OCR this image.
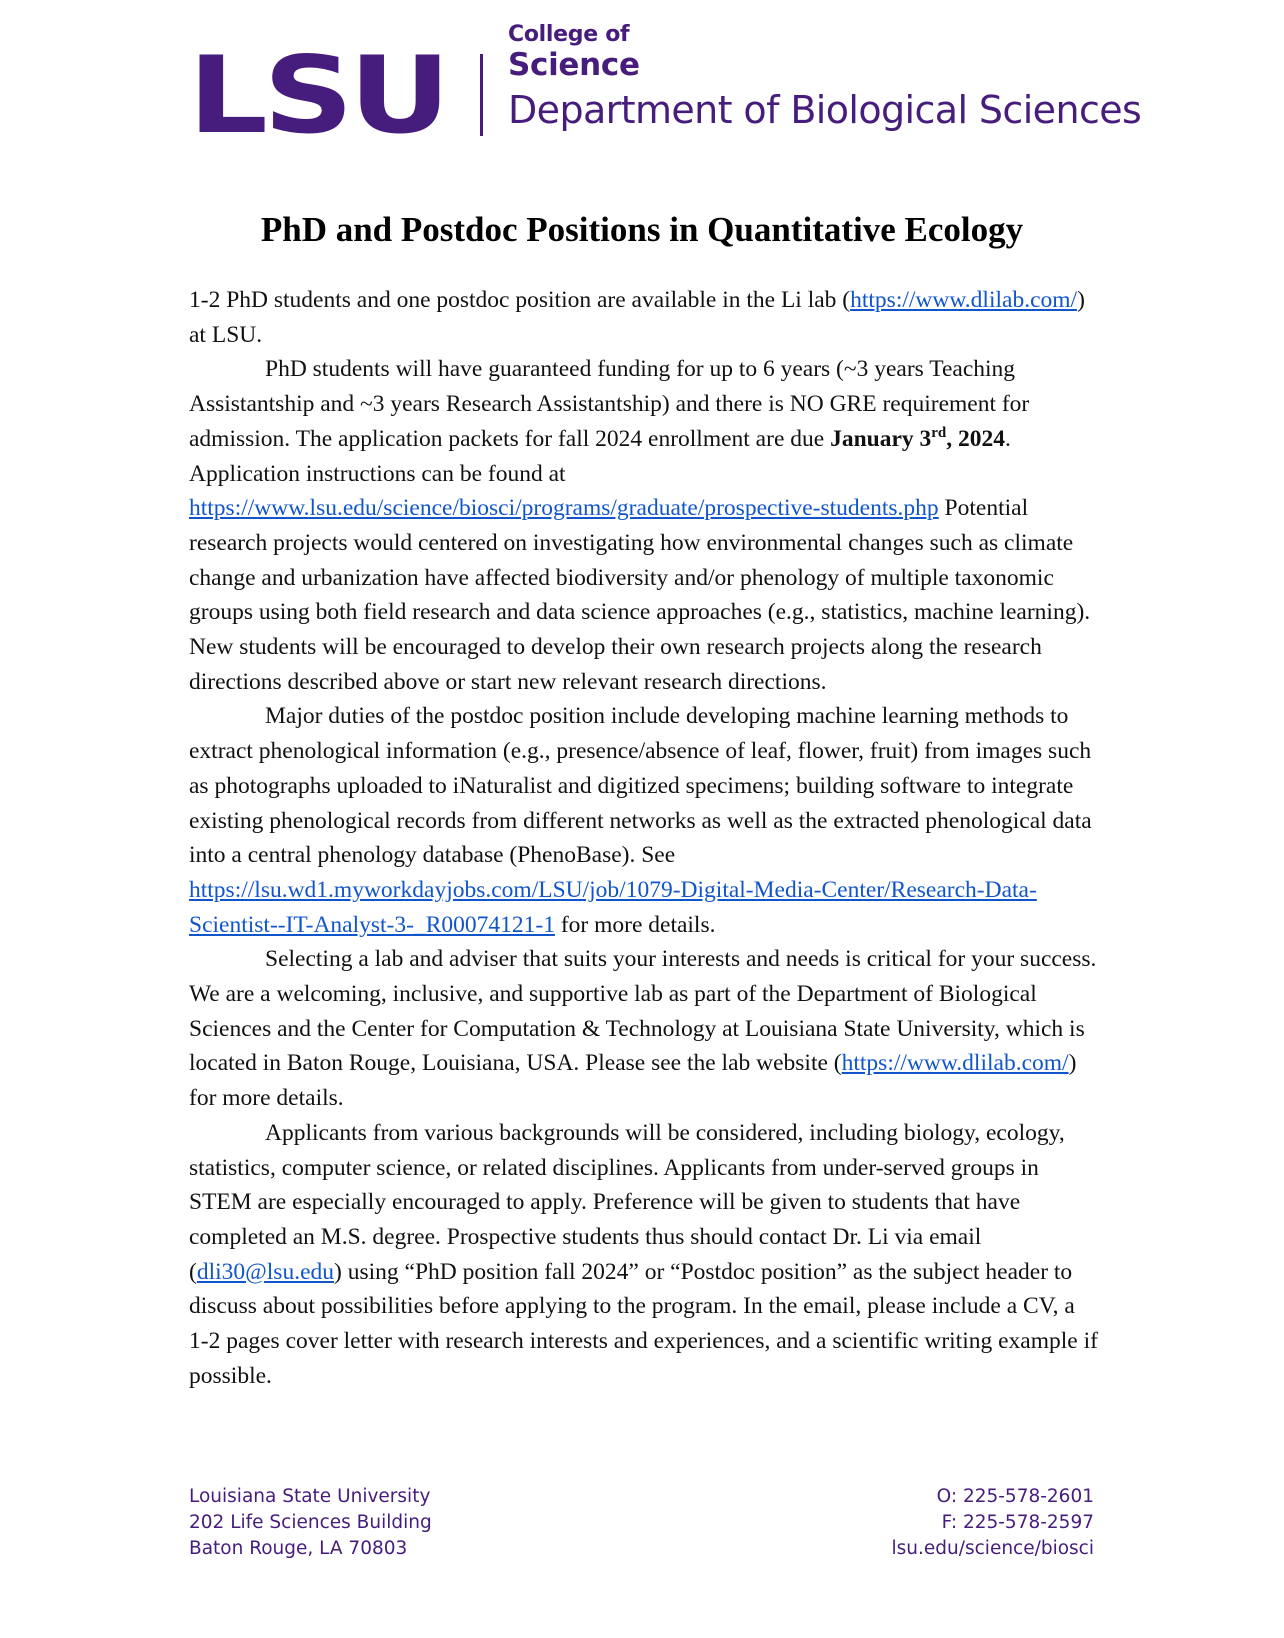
LSU	College of
Science
Department of Biological Sciences
PhD and Postdoc Positions in Quantitative Ecology

1-2 PhD students and one postdoc position are available in the Li lab (https://www.dlilab.com/) at LSU.

PhD students will have guaranteed funding for up to 6 years (~3 years Teaching Assistantship and ~3 years Research Assistantship) and there is NO GRE requirement for admission. The application packets for fall 2024 enrollment are due January 3rd, 2024. Application instructions can be found at https://www.lsu.edu/science/biosci/programs/graduate/prospective-students.php Potential research projects would centered on investigating how environmental changes such as climate change and urbanization have affected biodiversity and/or phenology of multiple taxonomic groups using both field research and data science approaches (e.g., statistics, machine learning). New students will be encouraged to develop their own research projects along the research directions described above or start new relevant research directions.

Major duties of the postdoc position include developing machine learning methods to extract phenological information (e.g., presence/absence of leaf, flower, fruit) from images such as photographs uploaded to iNaturalist and digitized specimens; building software to integrate existing phenological records from different networks as well as the extracted phenological data into a central phenology database (PhenoBase). See https://lsu.wd1.myworkdayjobs.com/LSU/job/1079-Digital-Media-Center/Research-Data-Scientist--IT-Analyst-3-_R00074121-1 for more details.

Selecting a lab and adviser that suits your interests and needs is critical for your success. We are a welcoming, inclusive, and supportive lab as part of the Department of Biological Sciences and the Center for Computation & Technology at Louisiana State University, which is located in Baton Rouge, Louisiana, USA. Please see the lab website (https://www.dlilab.com/) for more details.

Applicants from various backgrounds will be considered, including biology, ecology, statistics, computer science, or related disciplines. Applicants from under-served groups in STEM are especially encouraged to apply. Preference will be given to students that have completed an M.S. degree. Prospective students thus should contact Dr. Li via email (dli30@lsu.edu) using “PhD position fall 2024” or “Postdoc position” as the subject header to discuss about possibilities before applying to the program. In the email, please include a CV, a 1-2 pages cover letter with research interests and experiences, and a scientific writing example if possible.

Louisiana State University
202 Life Sciences Building
Baton Rouge, LA 70803
O: 225-578-2601
F: 225-578-2597
lsu.edu/science/biosci
